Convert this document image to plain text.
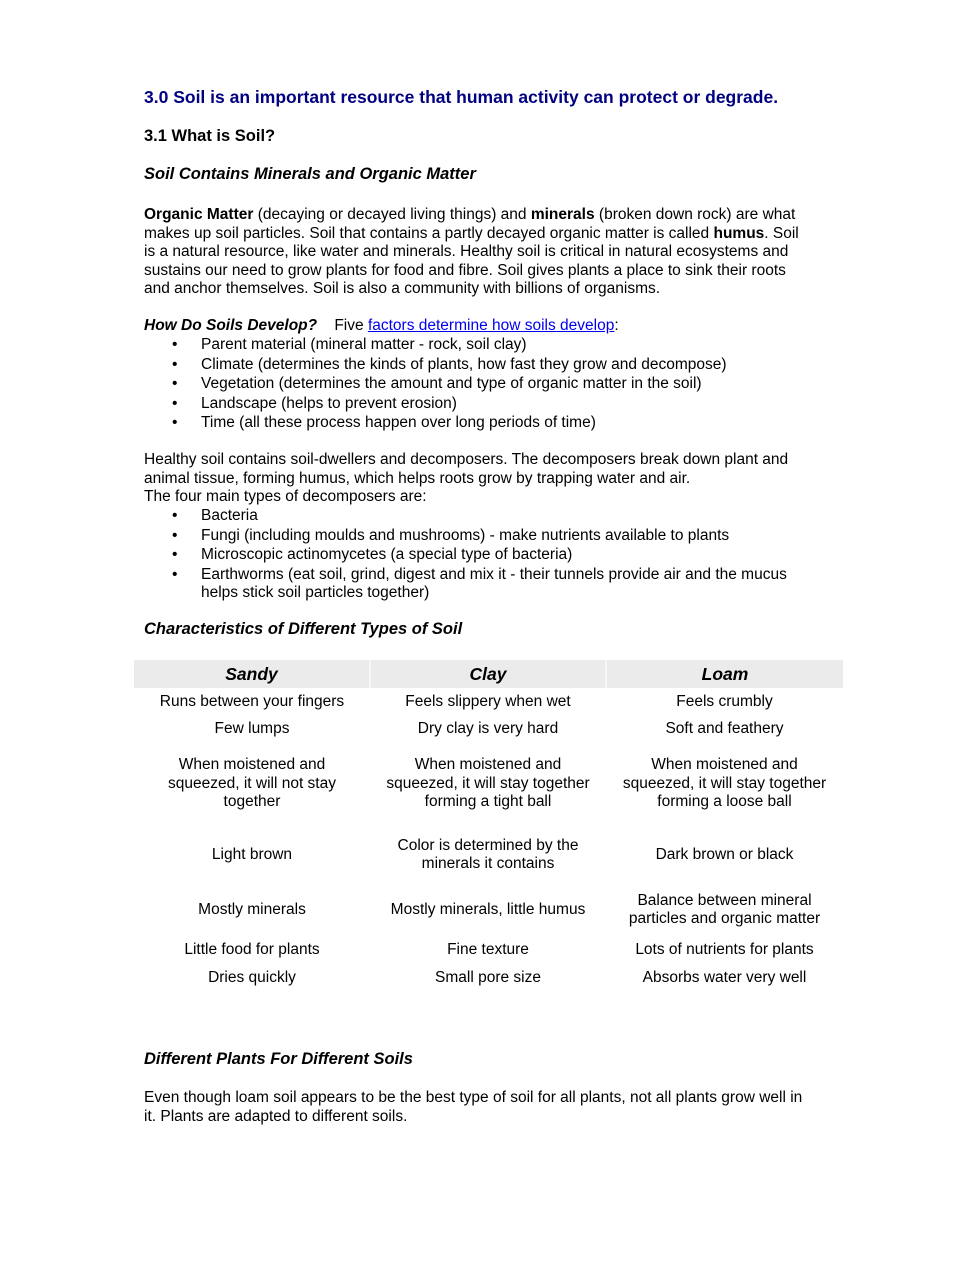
3.0 Soil is an important resource that human activity can protect or degrade.
3.1 What is Soil?
Soil Contains Minerals and Organic Matter
Organic Matter (decaying or decayed living things) and minerals (broken down rock) are what
makes up soil particles. Soil that contains a partly decayed organic matter is called humus. Soil
is a natural resource, like water and minerals. Healthy soil is critical in natural ecosystems and
sustains our need to grow plants for food and fibre. Soil gives plants a place to sink their roots
and anchor themselves. Soil is also a community with billions of organisms.
How Do Soils Develop? Five factors determine how soils develop:
• Parent material (mineral matter - rock, soil clay)
• Climate (determines the kinds of plants, how fast they grow and decompose)
• Vegetation (determines the amount and type of organic matter in the soil)
• Landscape (helps to prevent erosion)
• Time (all these process happen over long periods of time)
Healthy soil contains soil-dwellers and decomposers. The decomposers break down plant and
animal tissue, forming humus, which helps roots grow by trapping water and air.
The four main types of decomposers are:
• Bacteria
• Fungi (including moulds and mushrooms) - make nutrients available to plants
• Microscopic actinomycetes (a special type of bacteria)
• Earthworms (eat soil, grind, digest and mix it - their tunnels provide air and the mucus
helps stick soil particles together)
Characteristics of Different Types of Soil
Sandy	Clay	Loam

Runs between your fingers	Feels slippery when wet	Feels crumbly

Few lumps	Dry clay is very hard	Soft and feathery

When moistened and
squeezed, it will not stay
together	When moistened and
squeezed, it will stay together
forming a tight ball	When moistened and
squeezed, it will stay together
forming a loose ball

Light brown	Color is determined by the
minerals it contains	Dark brown or black

Mostly minerals	Mostly minerals, little humus	Balance between mineral
particles and organic matter

Little food for plants	Fine texture	Lots of nutrients for plants

Dries quickly	Small pore size	Absorbs water very well
Different Plants For Different Soils
Even though loam soil appears to be the best type of soil for all plants, not all plants grow well in
it. Plants are adapted to different soils.
